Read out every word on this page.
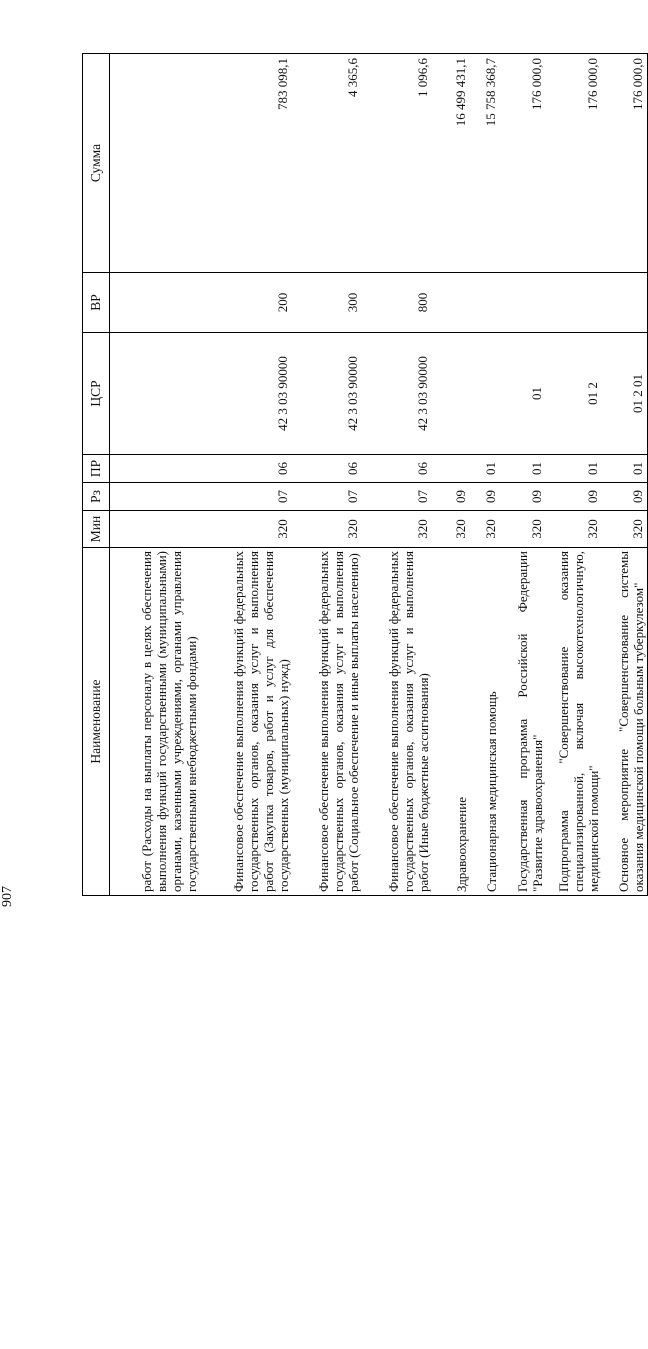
907
Наименование	Мин	Рз	ПР	ЦСР	ВР	Сумма
работ (Расходы на выплаты персоналу в целях обеспечения выполнения функций государственными (муниципальными) органами, казенными учреждениями, органами управления государственными внебюджетными фондами)						
Финансовое обеспечение выполнения функций федеральных государственных органов, оказания услуг и выполнения работ (Закупка товаров, работ и услуг для обеспечения государственных (муниципальных) нужд)	320	07	06	42 3 03 90000	200	783 098,1
Финансовое обеспечение выполнения функций федеральных государственных органов, оказания услуг и выполнения работ (Социальное обеспечение и иные выплаты населению)	320	07	06	42 3 03 90000	300	4 365,6
Финансовое обеспечение выполнения функций федеральных государственных органов, оказания услуг и выполнения работ (Иные бюджетные ассигнования)	320	07	06	42 3 03 90000	800	1 096,6
Здравоохранение	320	09				16 499 431,1
Стационарная медицинская помощь	320	09	01			15 758 368,7
Государственная программа Российской Федерации "Развитие здравоохранения"	320	09	01	01		176 000,0
Подпрограмма "Совершенствование оказания специализированной, включая высокотехнологичную, медицинской помощи"	320	09	01	01 2		176 000,0
Основное мероприятие "Совершенствование системы оказания медицинской помощи больным туберкулезом"	320	09	01	01 2 01		176 000,0
